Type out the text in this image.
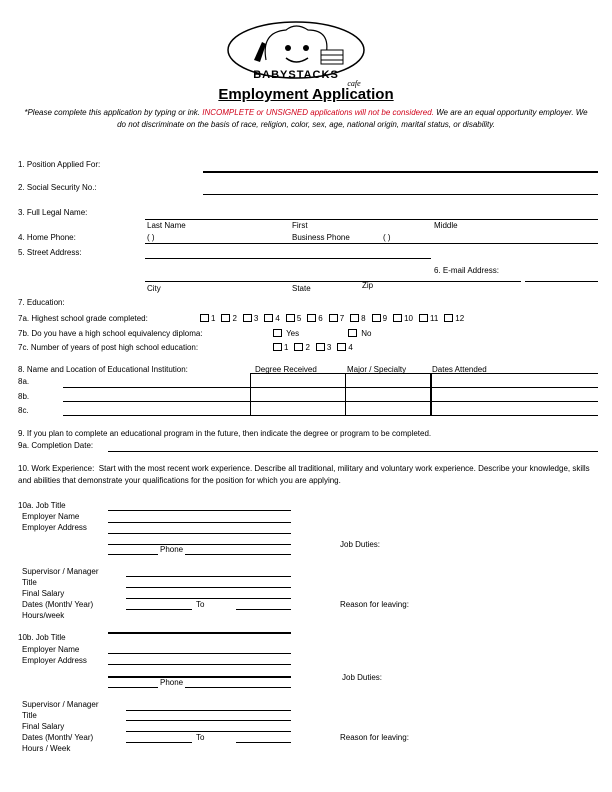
BABYSTACKS
cafe
Employment Application
*Please complete this application by typing or ink. INCOMPLETE or UNSIGNED applications will not be considered. We are an equal opportunity employer. We do not discriminate on the basis of race, religion, color, sex, age, national origin, marital status, or disability.
1. Position Applied For:
2. Social Security No.:
3. Full Legal Name:
Last Name	First	Middle
4. Home Phone:	( )	Business Phone	( )
5. Street Address:
6. E-mail Address:
City	State	Zip
7. Education:
7a. Highest school grade completed:	1 2 3 4 5 6 7 8 9 10 11 12
7b. Do you have a high school equivalency diploma:	Yes	No
7c. Number of years of post high school education:	1 2 3 4
8. Name and Location of Educational Institution:	Degree Received	Major / Specialty	Dates Attended
8a.
8b.
8c.
9. If you plan to complete an educational program in the future, then indicate the degree or program to be completed.
9a. Completion Date:
10. Work Experience: Start with the most recent work experience. Describe all traditional, military and voluntary work experience. Describe your knowledge, skills and abilities that demonstrate your qualifications for the position for which you are applying.
10a. Job Title
Employer Name
Employer Address
Phone
Job Duties:
Supervisor / Manager
Title
Final Salary
Dates (Month/ Year)	To
Hours/week
Reason for leaving:
10b. Job Title
Employer Name
Employer Address
Phone
Job Duties:
Supervisor / Manager
Title
Final Salary
Dates (Month/ Year)	To
Hours / Week
Reason for leaving:
